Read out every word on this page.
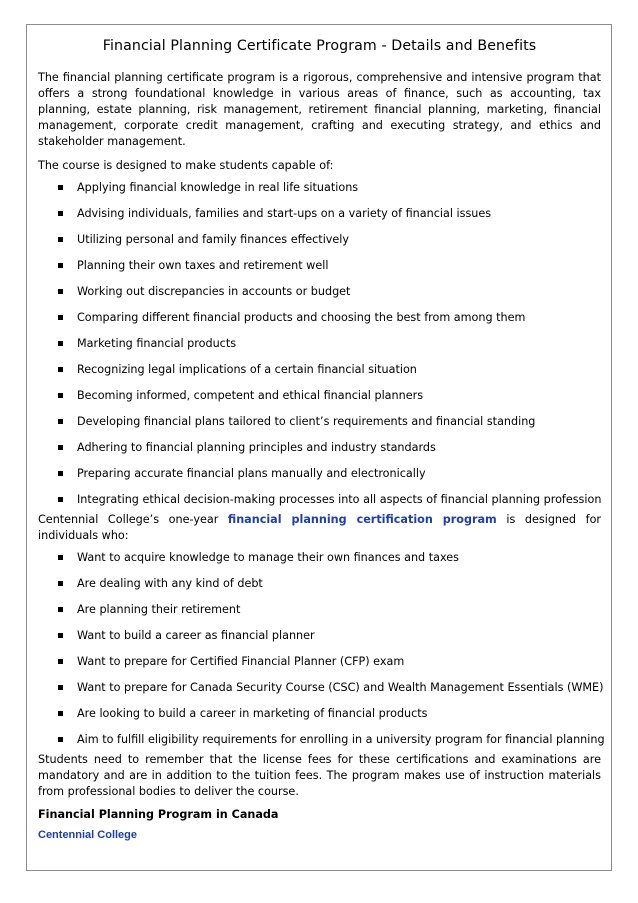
Financial Planning Certificate Program - Details and Benefits

The financial planning certificate program is a rigorous, comprehensive and intensive program that offers a strong foundational knowledge in various areas of finance, such as accounting, tax planning, estate planning, risk management, retirement financial planning, marketing, financial management, corporate credit management, crafting and executing strategy, and ethics and stakeholder management.

The course is designed to make students capable of:

Applying financial knowledge in real life situations
Advising individuals, families and start-ups on a variety of financial issues
Utilizing personal and family finances effectively
Planning their own taxes and retirement well
Working out discrepancies in accounts or budget
Comparing different financial products and choosing the best from among them
Marketing financial products
Recognizing legal implications of a certain financial situation
Becoming informed, competent and ethical financial planners
Developing financial plans tailored to client’s requirements and financial standing
Adhering to financial planning principles and industry standards
Preparing accurate financial plans manually and electronically
Integrating ethical decision-making processes into all aspects of financial planning profession

Centennial College’s one-year financial planning certification program is designed for individuals who:

Want to acquire knowledge to manage their own finances and taxes
Are dealing with any kind of debt
Are planning their retirement
Want to build a career as financial planner
Want to prepare for Certified Financial Planner (CFP) exam
Want to prepare for Canada Security Course (CSC) and Wealth Management Essentials (WME)
Are looking to build a career in marketing of financial products
Aim to fulfill eligibility requirements for enrolling in a university program for financial planning

Students need to remember that the license fees for these certifications and examinations are mandatory and are in addition to the tuition fees. The program makes use of instruction materials from professional bodies to deliver the course.

Financial Planning Program in Canada
Centennial College
